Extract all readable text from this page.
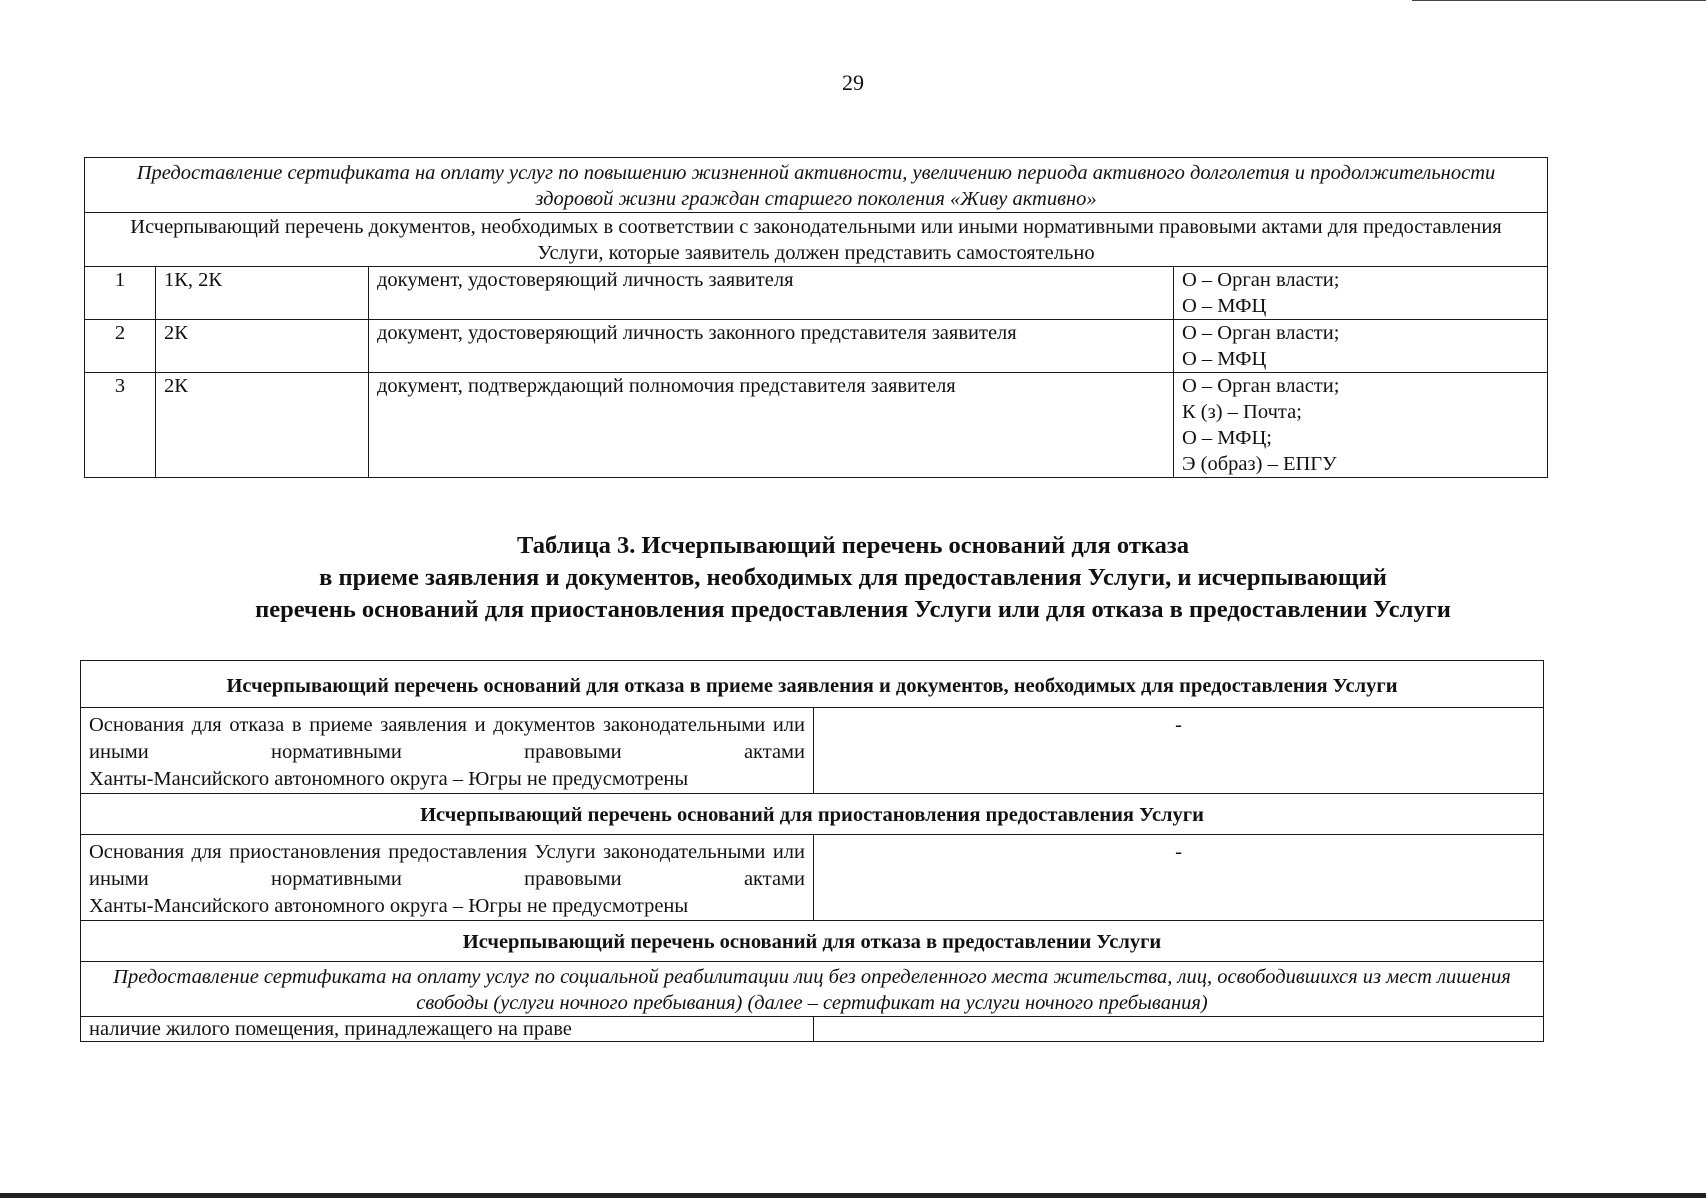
29
Предоставление сертификата на оплату услуг по повышению жизненной активности, увеличению периода активного долголетия и продолжительности здоровой жизни граждан старшего поколения «Живу активно»			
Исчерпывающий перечень документов, необходимых в соответствии с законодательными или иными нормативными правовыми актами для предоставления Услуги, которые заявитель должен представить самостоятельно			
1	1К, 2К	документ, удостоверяющий личность заявителя	О – Орган власти;
О – МФЦ

2	2К	документ, удостоверяющий личность законного представителя заявителя	О – Орган власти;
О – МФЦ

3	2К	документ, подтверждающий полномочия представителя заявителя	О – Орган власти;
К (з) – Почта;
О – МФЦ;
Э (образ) – ЕПГУ
Таблица 3. Исчерпывающий перечень оснований для отказа
в приеме заявления и документов, необходимых для предоставления Услуги, и исчерпывающий
перечень оснований для приостановления предоставления Услуги или для отказа в предоставлении Услуги
Исчерпывающий перечень оснований для отказа в приеме заявления и документов, необходимых для предоставления Услуги	
Основания для отказа в приеме заявления и документов законодательными или иными нормативными правовыми актами
Ханты-Мансийского автономного округа – Югры не предусмотрены	-
Исчерпывающий перечень оснований для приостановления предоставления Услуги	
Основания для приостановления предоставления Услуги законодательными или иными нормативными правовыми актами
Ханты-Мансийского автономного округа – Югры не предусмотрены	-
Исчерпывающий перечень оснований для отказа в предоставлении Услуги	
Предоставление сертификата на оплату услуг по социальной реабилитации лиц без определенного места жительства, лиц, освободившихся из мест лишения свободы (услуги ночного пребывания) (далее – сертификат на услуги ночного пребывания)	
наличие жилого помещения, принадлежащего на праве	
